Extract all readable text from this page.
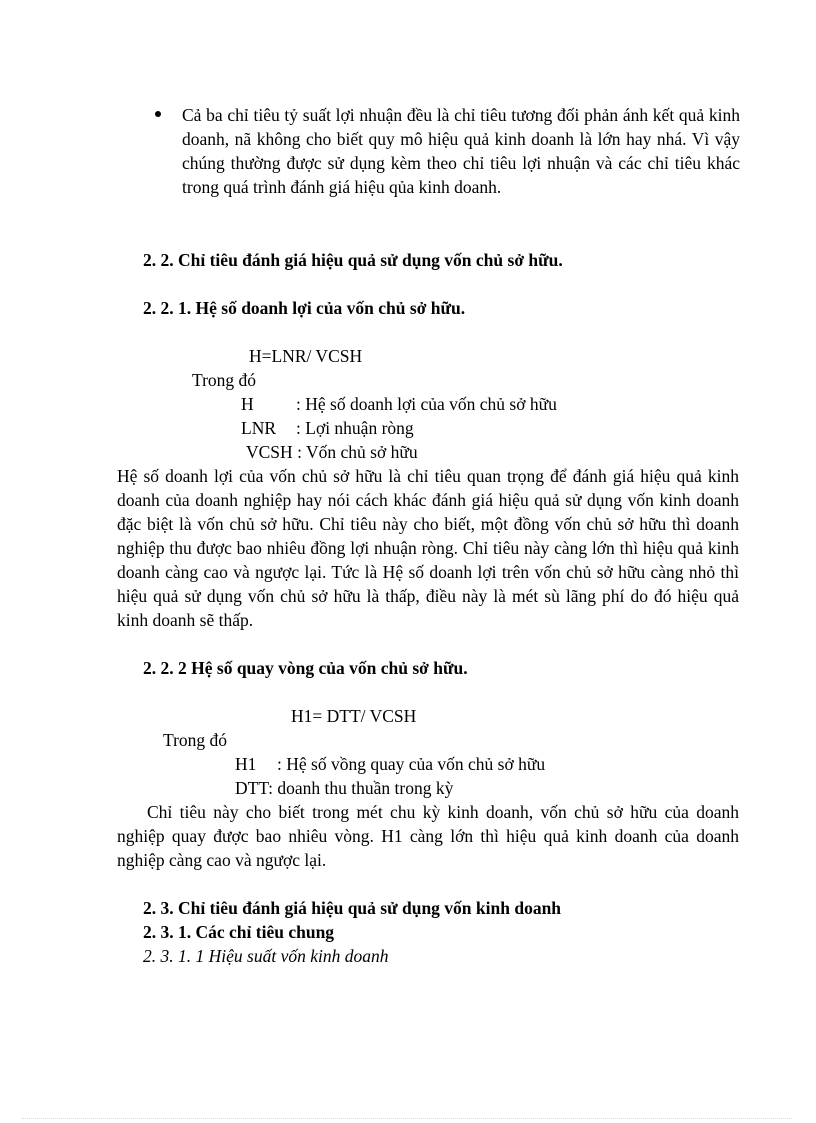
Cả ba chỉ tiêu tỷ suất lợi nhuận đều là chỉ tiêu tương đối phản ánh kết quả kinh doanh, nã không cho biết quy mô hiệu quả kinh doanh là lớn hay nhá. Vì vậy chúng thường được sử dụng kèm theo chỉ tiêu lợi nhuận và các chỉ tiêu khác trong quá trình đánh giá hiệu qủa kinh doanh.
2. 2. Chỉ tiêu đánh giá hiệu quả sử dụng vốn chủ sở hữu.
2. 2. 1. Hệ số doanh lợi của vốn chủ sở hữu.
H=LNR/ VCSH
Trong đó
H : Hệ số doanh lợi của vốn chủ sở hữu
LNR : Lợi nhuận ròng
VCSH : Vốn chủ sở hữu
Hệ số doanh lợi của vốn chủ sở hữu là chỉ tiêu quan trọng để đánh giá hiệu quả kinh doanh của doanh nghiệp hay nói cách khác đánh giá hiệu quả sử dụng vốn kinh doanh đặc biệt là vốn chủ sở hữu. Chỉ tiêu này cho biết, một đồng vốn chủ sở hữu thì doanh nghiệp thu được bao nhiêu đồng lợi nhuận ròng. Chỉ tiêu này càng lớn thì hiệu quả kinh doanh càng cao và ngược lại. Tức là Hệ số doanh lợi trên vốn chủ sở hữu càng nhỏ thì hiệu quả sử dụng vốn chủ sở hữu là thấp, điều này là mét sù lãng phí do đó hiệu quả kinh doanh sẽ thấp.
2. 2. 2 Hệ số quay vòng của vốn chủ sở hữu.
H1= DTT/ VCSH
Trong đó
H1 : Hệ số vồng quay của vốn chủ sở hữu
DTT: doanh thu thuần trong kỳ
Chỉ tiêu này cho biết trong mét chu kỳ kinh doanh, vốn chủ sở hữu của doanh nghiệp quay được bao nhiêu vòng. H1 càng lớn thì hiệu quả kinh doanh của doanh nghiệp càng cao và ngược lại.
2. 3. Chỉ tiêu đánh giá hiệu quả sử dụng vốn kinh doanh
2. 3. 1. Các chỉ tiêu chung
2. 3. 1. 1 Hiệu suất vốn kinh doanh
